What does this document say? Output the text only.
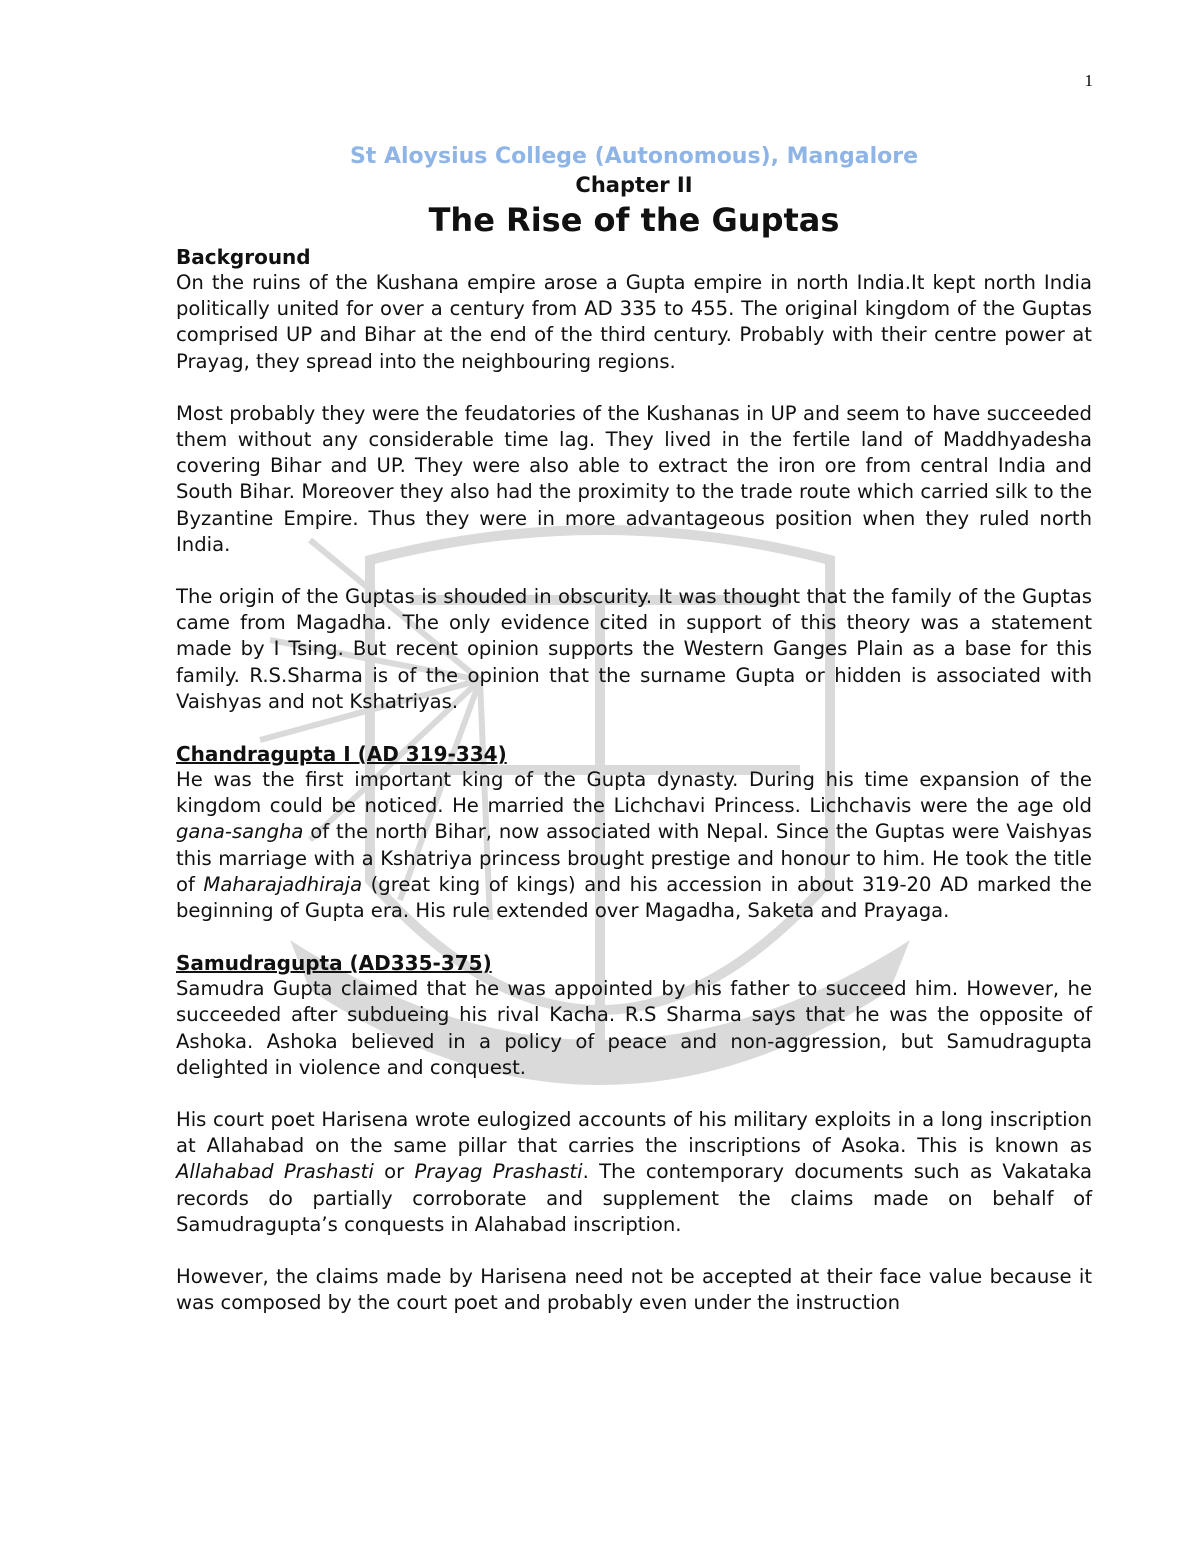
1
St Aloysius College (Autonomous), Mangalore
Chapter II
The Rise of the Guptas
Background

On the ruins of the Kushana empire arose a Gupta empire in north India.It kept north India politically united for over a century from AD 335 to 455. The original kingdom of the Guptas comprised UP and Bihar at the end of the third century. Probably with their centre power at Prayag, they spread into the neighbouring regions.

Most probably they were the feudatories of the Kushanas in UP and seem to have succeeded them without any considerable time lag. They lived in the fertile land of Maddhyadesha covering Bihar and UP. They were also able to extract the iron ore from central India and South Bihar. Moreover they also had the proximity to the trade route which carried silk to the Byzantine Empire. Thus they were in more advantageous position when they ruled north India.

The origin of the Guptas is shouded in obscurity. It was thought that the family of the Guptas came from Magadha. The only evidence cited in support of this theory was a statement made by I Tsing. But recent opinion supports the Western Ganges Plain as a base for this family. R.S.Sharma is of the opinion that the surname Gupta or hidden is associated with Vaishyas and not Kshatriyas.

Chandragupta I (AD 319-334)

He was the first important king of the Gupta dynasty. During his time expansion of the kingdom could be noticed. He married the Lichchavi Princess. Lichchavis were the age old gana-sangha of the north Bihar, now associated with Nepal. Since the Guptas were Vaishyas this marriage with a Kshatriya princess brought prestige and honour to him. He took the title of Maharajadhiraja (great king of kings) and his accession in about 319-20 AD marked the beginning of Gupta era. His rule extended over Magadha, Saketa and Prayaga.

Samudragupta (AD335-375)

Samudra Gupta claimed that he was appointed by his father to succeed him. However, he succeeded after subdueing his rival Kacha. R.S Sharma says that he was the opposite of Ashoka. Ashoka believed in a policy of peace and non-aggression, but Samudragupta delighted in violence and conquest.

His court poet Harisena wrote eulogized accounts of his military exploits in a long inscription at Allahabad on the same pillar that carries the inscriptions of Asoka. This is known as Allahabad Prashasti or Prayag Prashasti. The contemporary documents such as Vakataka records do partially corroborate and supplement the claims made on behalf of Samudragupta’s conquests in Alahabad inscription.

However, the claims made by Harisena need not be accepted at their face value because it was composed by the court poet and probably even under the instruction
